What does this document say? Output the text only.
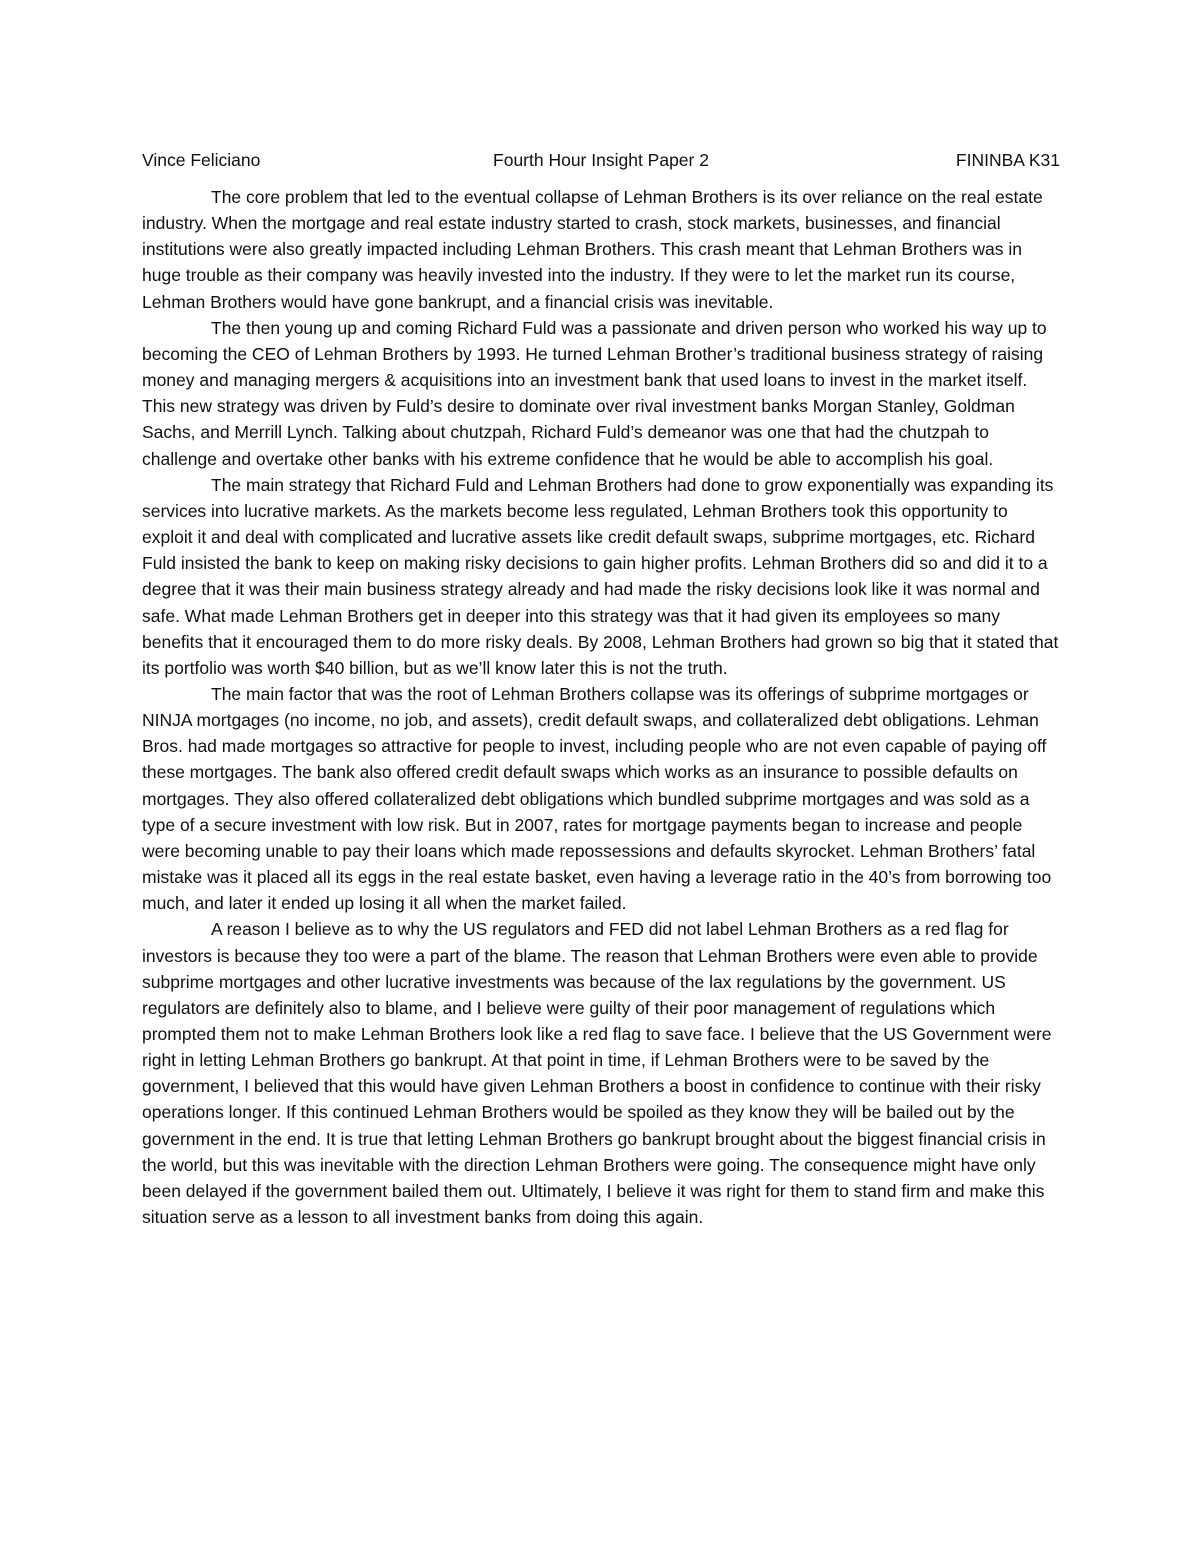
Vince Feliciano	Fourth Hour Insight Paper 2	FININBA K31

The core problem that led to the eventual collapse of Lehman Brothers is its over reliance on the real estate industry. When the mortgage and real estate industry started to crash, stock markets, businesses, and financial institutions were also greatly impacted including Lehman Brothers. This crash meant that Lehman Brothers was in huge trouble as their company was heavily invested into the industry. If they were to let the market run its course, Lehman Brothers would have gone bankrupt, and a financial crisis was inevitable.

The then young up and coming Richard Fuld was a passionate and driven person who worked his way up to becoming the CEO of Lehman Brothers by 1993. He turned Lehman Brother’s traditional business strategy of raising money and managing mergers & acquisitions into an investment bank that used loans to invest in the market itself. This new strategy was driven by Fuld’s desire to dominate over rival investment banks Morgan Stanley, Goldman Sachs, and Merrill Lynch. Talking about chutzpah, Richard Fuld’s demeanor was one that had the chutzpah to challenge and overtake other banks with his extreme confidence that he would be able to accomplish his goal.

The main strategy that Richard Fuld and Lehman Brothers had done to grow exponentially was expanding its services into lucrative markets. As the markets become less regulated, Lehman Brothers took this opportunity to exploit it and deal with complicated and lucrative assets like credit default swaps, subprime mortgages, etc. Richard Fuld insisted the bank to keep on making risky decisions to gain higher profits. Lehman Brothers did so and did it to a degree that it was their main business strategy already and had made the risky decisions look like it was normal and safe. What made Lehman Brothers get in deeper into this strategy was that it had given its employees so many benefits that it encouraged them to do more risky deals. By 2008, Lehman Brothers had grown so big that it stated that its portfolio was worth $40 billion, but as we’ll know later this is not the truth.

The main factor that was the root of Lehman Brothers collapse was its offerings of subprime mortgages or NINJA mortgages (no income, no job, and assets), credit default swaps, and collateralized debt obligations. Lehman Bros. had made mortgages so attractive for people to invest, including people who are not even capable of paying off these mortgages. The bank also offered credit default swaps which works as an insurance to possible defaults on mortgages. They also offered collateralized debt obligations which bundled subprime mortgages and was sold as a type of a secure investment with low risk. But in 2007, rates for mortgage payments began to increase and people were becoming unable to pay their loans which made repossessions and defaults skyrocket. Lehman Brothers’ fatal mistake was it placed all its eggs in the real estate basket, even having a leverage ratio in the 40’s from borrowing too much, and later it ended up losing it all when the market failed.

A reason I believe as to why the US regulators and FED did not label Lehman Brothers as a red flag for investors is because they too were a part of the blame. The reason that Lehman Brothers were even able to provide subprime mortgages and other lucrative investments was because of the lax regulations by the government. US regulators are definitely also to blame, and I believe were guilty of their poor management of regulations which prompted them not to make Lehman Brothers look like a red flag to save face. I believe that the US Government were right in letting Lehman Brothers go bankrupt. At that point in time, if Lehman Brothers were to be saved by the government, I believed that this would have given Lehman Brothers a boost in confidence to continue with their risky operations longer. If this continued Lehman Brothers would be spoiled as they know they will be bailed out by the government in the end. It is true that letting Lehman Brothers go bankrupt brought about the biggest financial crisis in the world, but this was inevitable with the direction Lehman Brothers were going. The consequence might have only been delayed if the government bailed them out. Ultimately, I believe it was right for them to stand firm and make this situation serve as a lesson to all investment banks from doing this again.
